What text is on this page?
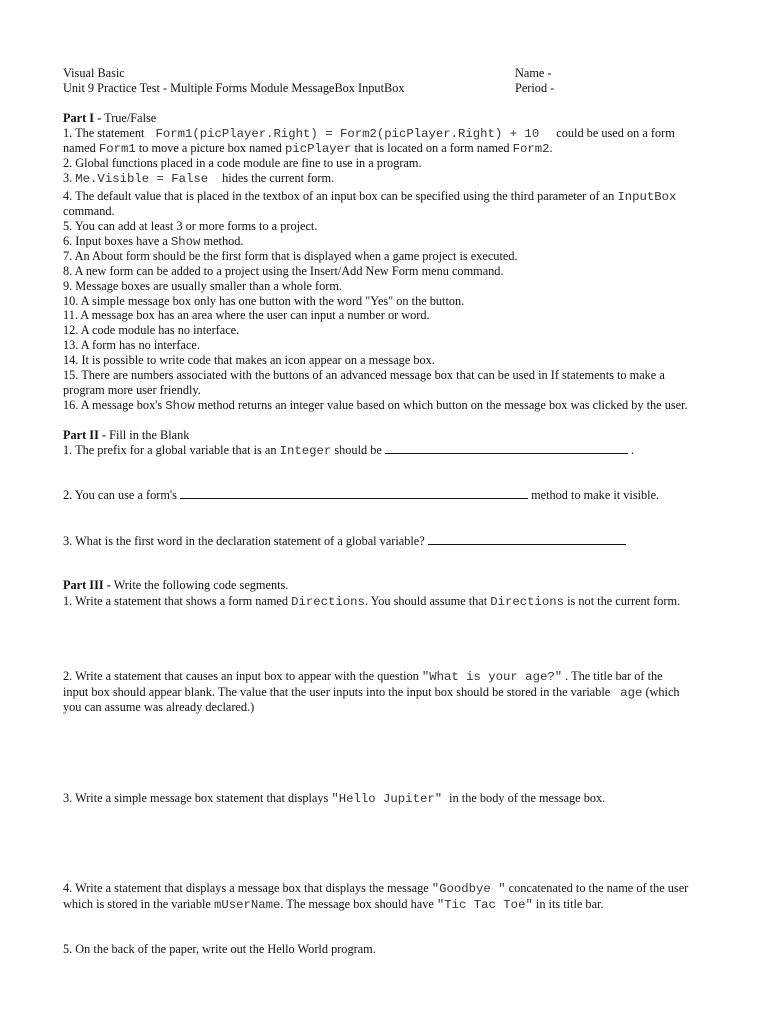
Visual Basic
Unit 9 Practice Test - Multiple Forms Module MessageBox InputBox
Name -
Period -
Part I - True/False
1. The statement Form1(picPlayer.Right) = Form2(picPlayer.Right) + 10 could be used on a form
named Form1 to move a picture box named picPlayer that is located on a form named Form2.
2. Global functions placed in a code module are fine to use in a program.
3. Me.Visible = False hides the current form.
4. The default value that is placed in the textbox of an input box can be specified using the third parameter of an InputBox
command.
5. You can add at least 3 or more forms to a project.
6. Input boxes have a Show method.
7. An About form should be the first form that is displayed when a game project is executed.
8. A new form can be added to a project using the Insert/Add New Form menu command.
9. Message boxes are usually smaller than a whole form.
10. A simple message box only has one button with the word "Yes" on the button.
11. A message box has an area where the user can input a number or word.
12. A code module has no interface.
13. A form has no interface.
14. It is possible to write code that makes an icon appear on a message box.
15. There are numbers associated with the buttons of an advanced message box that can be used in If statements to make a
program more user friendly.
16. A message box's Show method returns an integer value based on which button on the message box was clicked by the user.
Part II - Fill in the Blank
1. The prefix for a global variable that is an Integer should be	.
2. You can use a form's	method to make it visible.
3. What is the first word in the declaration statement of a global variable?
Part III - Write the following code segments.
1. Write a statement that shows a form named Directions. You should assume that Directions is not the current form.
2. Write a statement that causes an input box to appear with the question "What is your age?" . The title bar of the
input box should appear blank. The value that the user inputs into the input box should be stored in the variable age (which
you can assume was already declared.)
3. Write a simple message box statement that displays "Hello Jupiter" in the body of the message box.
4. Write a statement that displays a message box that displays the message "Goodbye " concatenated to the name of the user
which is stored in the variable mUserName. The message box should have "Tic Tac Toe" in its title bar.
5. On the back of the paper, write out the Hello World program.
